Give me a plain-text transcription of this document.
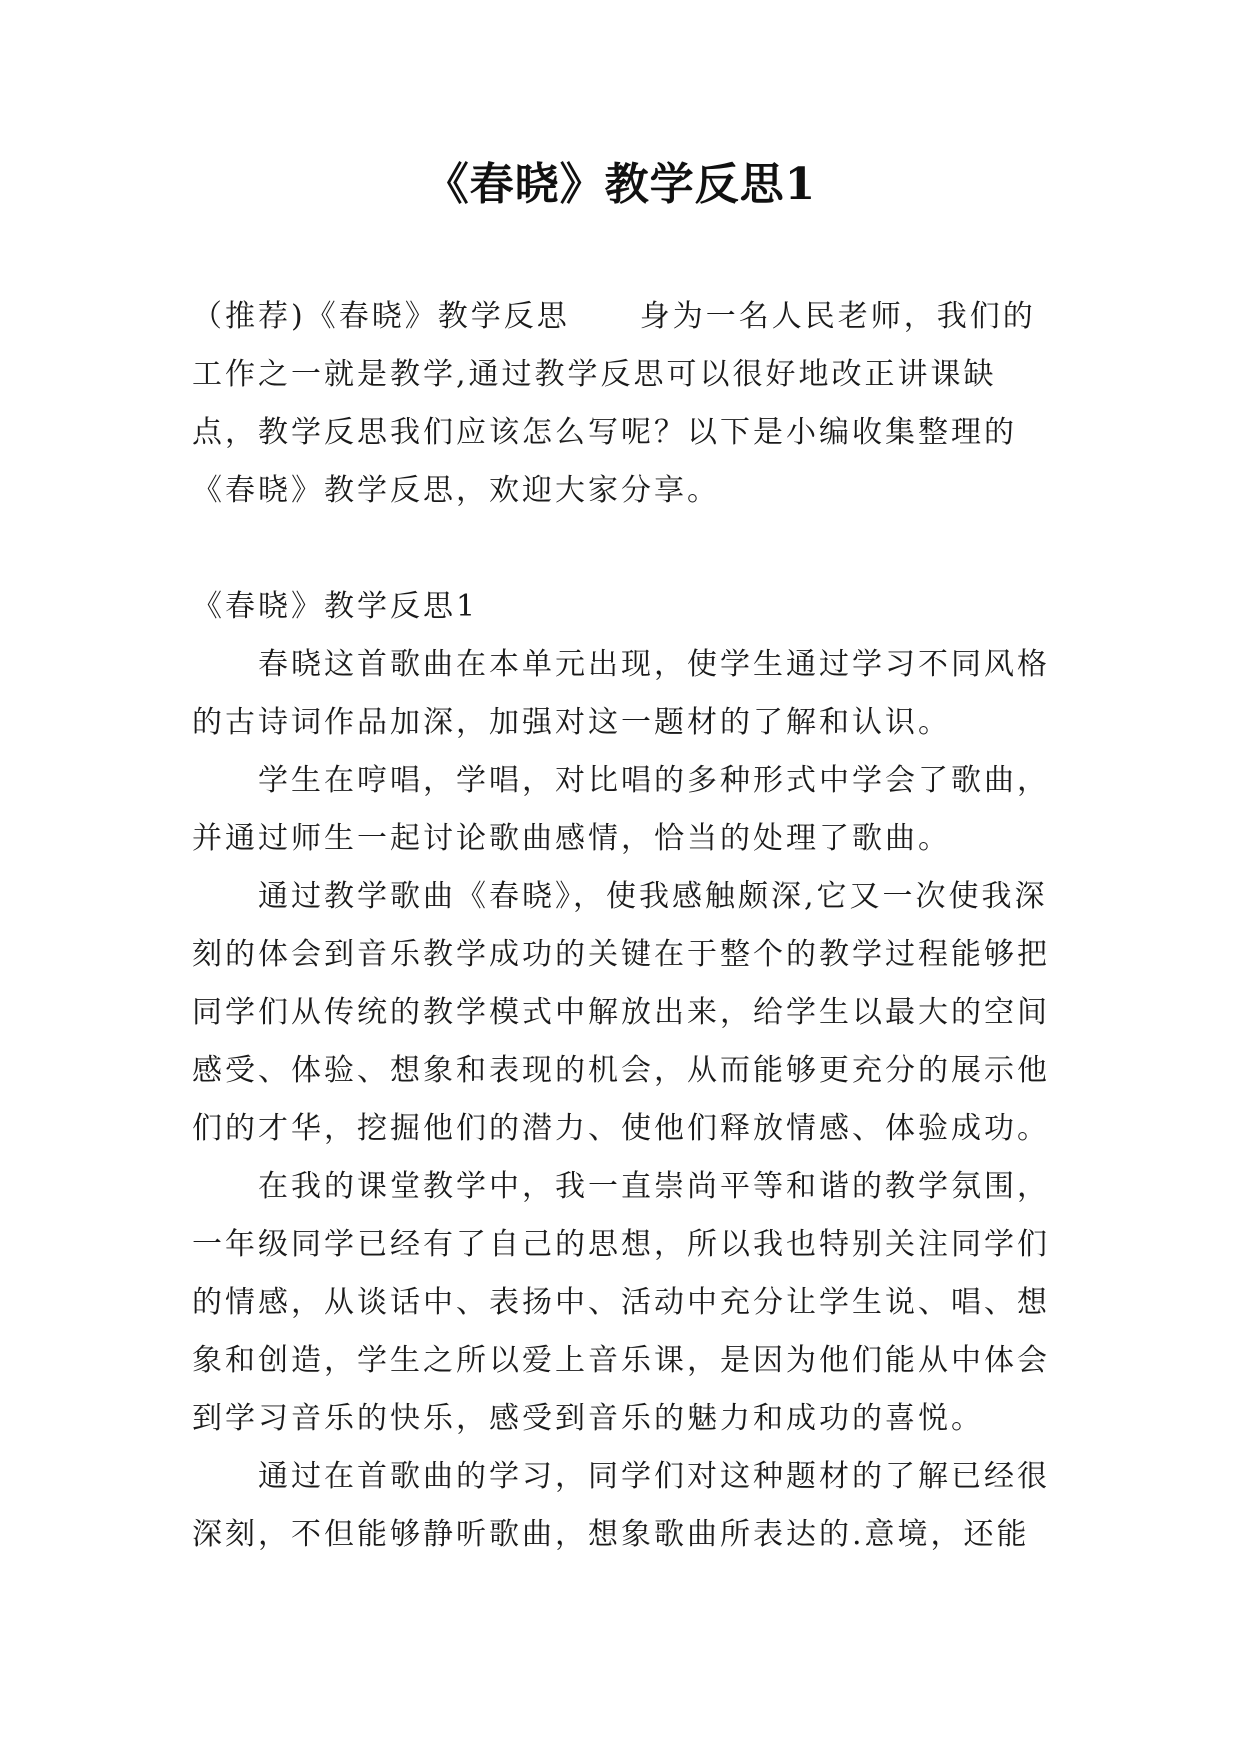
《春晓》教学反思1

（推荐)《春晓》教学反思 身为一名人民老师，我们的工作之一就是教学,通过教学反思可以很好地改正讲课缺点，教学反思我们应该怎么写呢？以下是小编收集整理的《春晓》教学反思，欢迎大家分享。

《春晓》教学反思1

春晓这首歌曲在本单元出现，使学生通过学习不同风格的古诗词作品加深，加强对这一题材的了解和认识。

学生在哼唱，学唱，对比唱的多种形式中学会了歌曲，并通过师生一起讨论歌曲感情，恰当的处理了歌曲。

通过教学歌曲《春晓》，使我感触颇深,它又一次使我深刻的体会到音乐教学成功的关键在于整个的教学过程能够把同学们从传统的教学模式中解放出来，给学生以最大的空间感受、体验、想象和表现的机会，从而能够更充分的展示他们的才华，挖掘他们的潜力、使他们释放情感、体验成功。

在我的课堂教学中，我一直崇尚平等和谐的教学氛围，一年级同学已经有了自己的思想，所以我也特别关注同学们的情感，从谈话中、表扬中、活动中充分让学生说、唱、想象和创造，学生之所以爱上音乐课，是因为他们能从中体会到学习音乐的快乐，感受到音乐的魅力和成功的喜悦。

通过在首歌曲的学习，同学们对这种题材的了解已经很深刻，不但能够静听歌曲，想象歌曲所表达的.意境，还能
